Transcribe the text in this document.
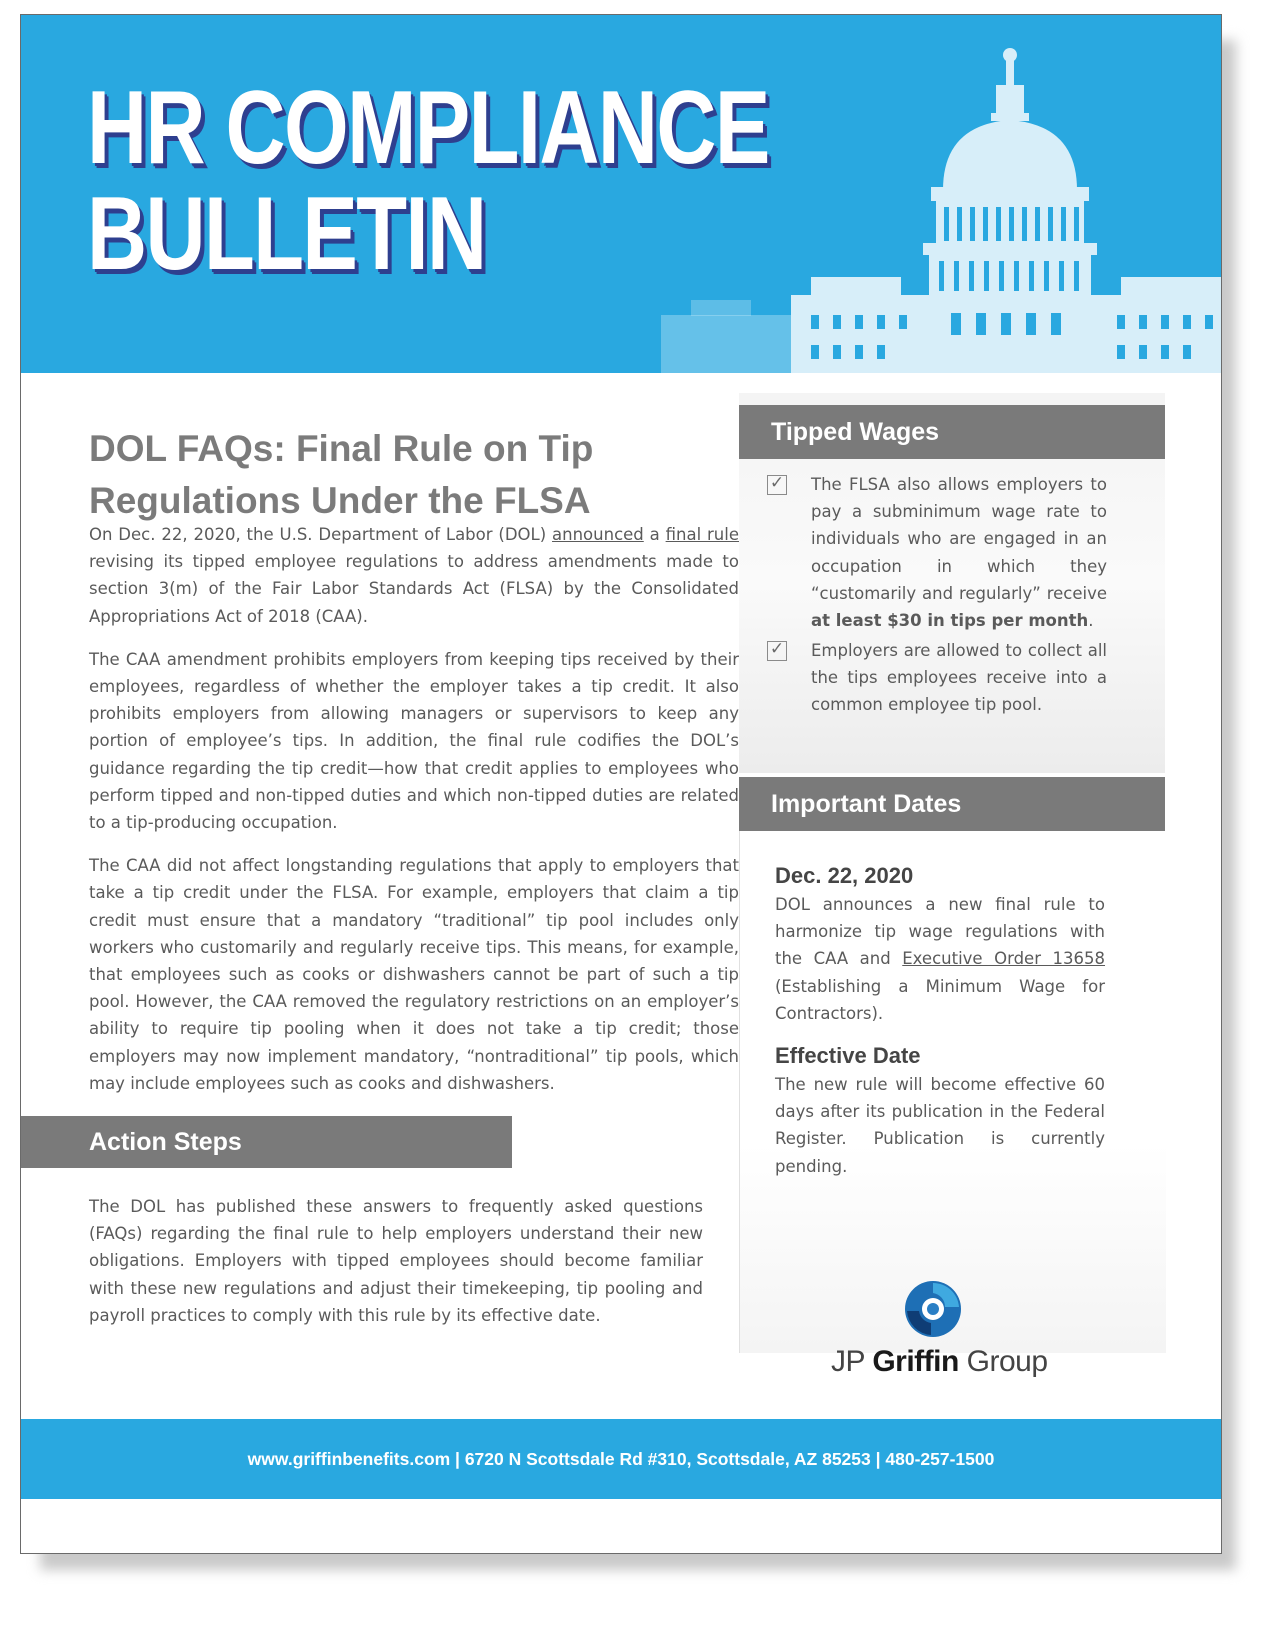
HR COMPLIANCE
BULLETIN
DOL FAQs: Final Rule on Tip Regulations Under the FLSA

On Dec. 22, 2020, the U.S. Department of Labor (DOL) announced a final rule revising its tipped employee regulations to address amendments made to section 3(m) of the Fair Labor Standards Act (FLSA) by the Consolidated Appropriations Act of 2018 (CAA).

The CAA amendment prohibits employers from keeping tips received by their employees, regardless of whether the employer takes a tip credit. It also prohibits employers from allowing managers or supervisors to keep any portion of employee’s tips. In addition, the final rule codifies the DOL’s guidance regarding the tip credit—how that credit applies to employees who perform tipped and non-tipped duties and which non-tipped duties are related to a tip-producing occupation.

The CAA did not affect longstanding regulations that apply to employers that take a tip credit under the FLSA. For example, employers that claim a tip credit must ensure that a mandatory “traditional” tip pool includes only workers who customarily and regularly receive tips. This means, for example, that employees such as cooks or dishwashers cannot be part of such a tip pool. However, the CAA removed the regulatory restrictions on an employer’s ability to require tip pooling when it does not take a tip credit; those employers may now implement mandatory, “nontraditional” tip pools, which may include employees such as cooks and dishwashers.

Action Steps
The DOL has published these answers to frequently asked questions (FAQs) regarding the final rule to help employers understand their new obligations. Employers with tipped employees should become familiar with these new regulations and adjust their timekeeping, tip pooling and payroll practices to comply with this rule by its effective date.
Tipped Wages
✓ The FLSA also allows employers to pay a subminimum wage rate to individuals who are engaged in an occupation in which they “customarily and regularly” receive at least $30 in tips per month.
✓ Employers are allowed to collect all the tips employees receive into a common employee tip pool.
Important Dates
Dec. 22, 2020
DOL announces a new final rule to harmonize tip wage regulations with the CAA and Executive Order 13658 (Establishing a Minimum Wage for Contractors).
Effective Date
The new rule will become effective 60 days after its publication in the Federal Register. Publication is currently pending.
JP Griffin Group
www.griffinbenefits.com | 6720 N Scottsdale Rd #310, Scottsdale, AZ 85253 | 480-257-1500
